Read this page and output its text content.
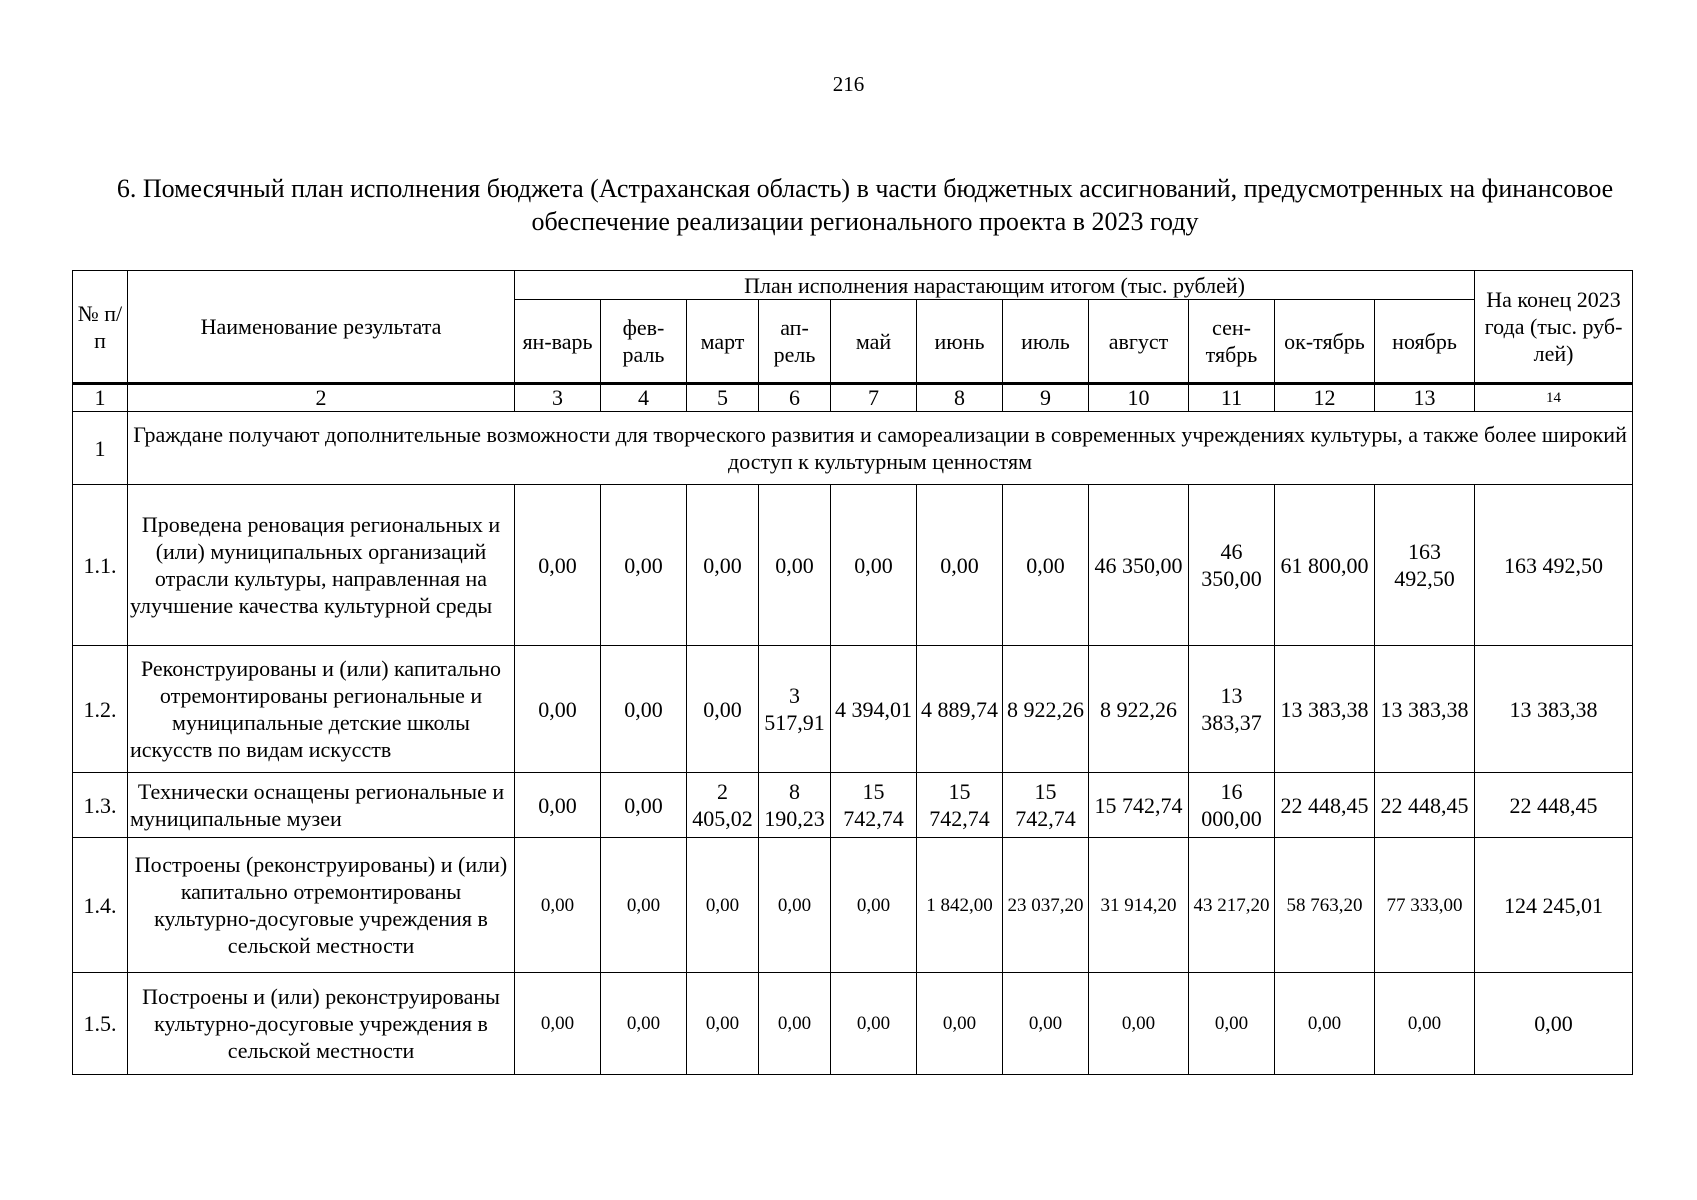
216
6. Помесячный план исполнения бюджета (Астраханская область) в части бюджетных ассигнований, предусмотренных на финансовое обеспечение реализации регионального проекта в 2023 году
№ п/п	Наименование результата	План исполнения нарастающим итогом (тыс. рублей)											На конец 2023 года (тыс. руб-лей)
		ян-варь	фев-раль	март	ап-рель	май	июнь	июль	август	сен-тябрь	ок-тябрь	ноябрь	
1	2	3	4	5	6	7	8	9	10	11	12	13	14
1	Граждане получают дополнительные возможности для творческого развития и самореализации в современных учреждениях культуры, а также более широкий доступ к культурным ценностям												
1.1.	Проведена реновация региональных и (или) муниципальных организаций отрасли культуры, направленная на улучшение качества культурной среды	0,00	0,00	0,00	0,00	0,00	0,00	0,00	46 350,00	46 350,00	61 800,00	163 492,50	163 492,50
1.2.	Реконструированы и (или) капитально отремонтированы региональные и муниципальные детские школы искусств по видам искусств	0,00	0,00	0,00	3 517,91	4 394,01	4 889,74	8 922,26	8 922,26	13 383,37	13 383,38	13 383,38	13 383,38
1.3.	Технически оснащены региональные и муниципальные музеи	0,00	0,00	2 405,02	8 190,23	15 742,74	15 742,74	15 742,74	15 742,74	16 000,00	22 448,45	22 448,45	22 448,45
1.4.	Построены (реконструированы) и (или) капитально отремонтированы культурно-досуговые учреждения в сельской местности	0,00	0,00	0,00	0,00	0,00	1 842,00	23 037,20	31 914,20	43 217,20	58 763,20	77 333,00	124 245,01
1.5.	Построены и (или) реконструированы культурно-досуговые учреждения в сельской местности	0,00	0,00	0,00	0,00	0,00	0,00	0,00	0,00	0,00	0,00	0,00	0,00
